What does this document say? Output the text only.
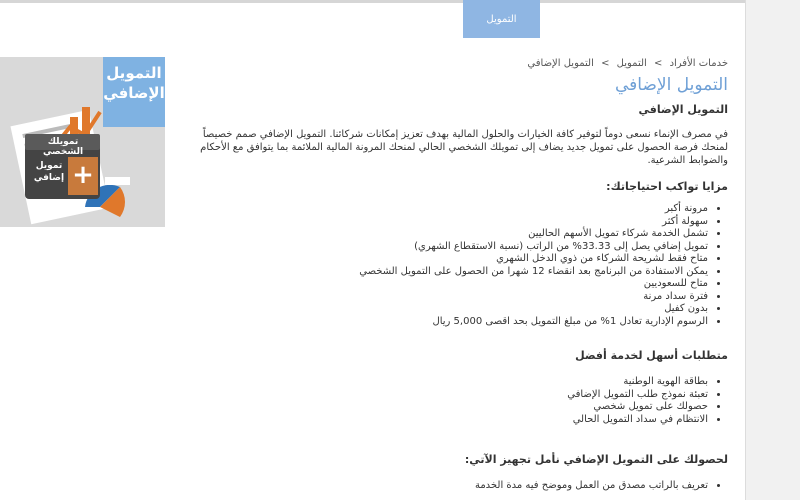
التمويل
تمويلك الشخصي
تمويل
إضافي +
التمويل
الإضافي
خدمات الأفراد > التمويل > التمويل الإضافي
التمويل الإضافي
التمويل الإضافي

في مصرف الإنماء نسعى دوماً لتوفير كافة الخيارات والحلول المالية بهدف تعزيز إمكانات شركائنا. التمويل الإضافي صمم خصيصاً لمنحك فرصة الحصول على تمويل جديد يضاف إلى تمويلك الشخصي الحالي لمنحك المرونة المالية الملائمة بما يتوافق مع الأحكام والضوابط الشرعية.

مزايا تواكب احتياجاتك:
• مرونة أكبر
• سهولة أكثر
• تشمل الخدمة شركاء تمويل الأسهم الحاليين
• تمويل إضافي يصل إلى 33.33% من الراتب (نسبة الاستقطاع الشهري)
• متاح فقط لشريحة الشركاء من ذوي الدخل الشهري
• يمكن الاستفادة من البرنامج بعد انقضاء 12 شهرا من الحصول على التمويل الشخصي
• متاح للسعوديين
• فترة سداد مرنة
• بدون كفيل
• الرسوم الإدارية تعادل 1% من مبلغ التمويل بحد اقصى 5,000 ريال
متطلبات أسهل لخدمة أفضل
• بطاقة الهوية الوطنية
• تعبئة نموذج طلب التمويل الإضافي
• حصولك على تمويل شخصي
• الانتظام في سداد التمويل الحالي
لحصولك على التمويل الإضافي نأمل تجهيز الآتي:
• تعريف بالراتب مصدق من العمل وموضح فيه مدة الخدمة
